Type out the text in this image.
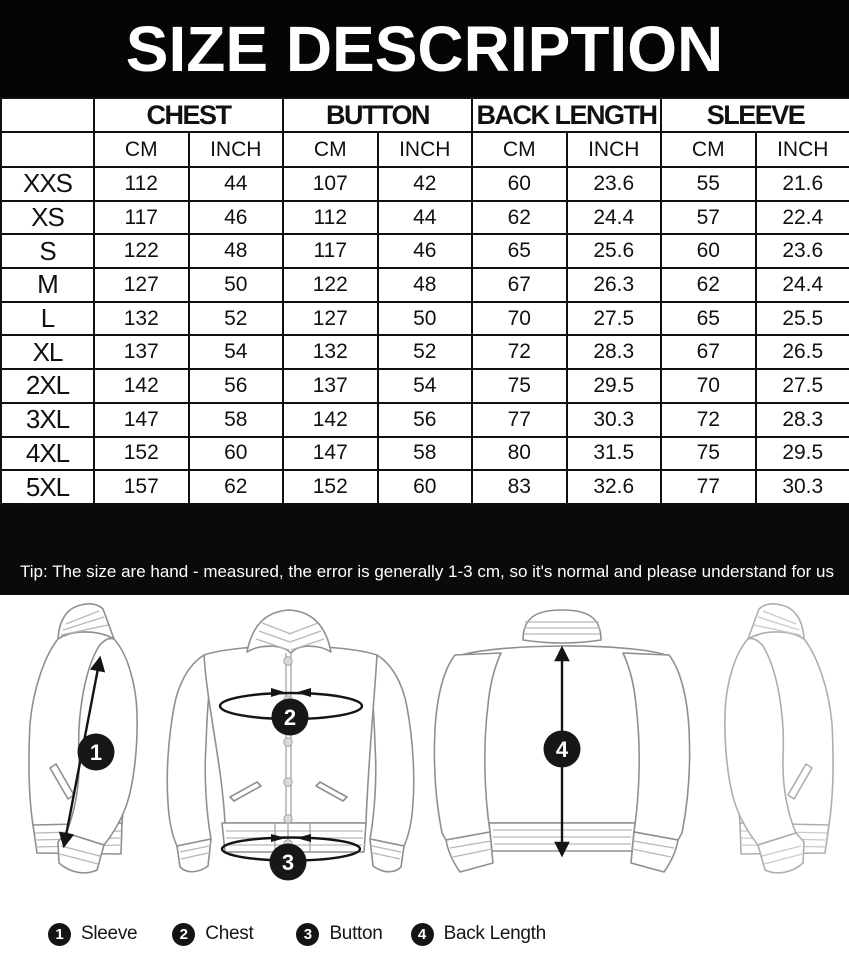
SIZE DESCRIPTION
	CHEST		BUTTON		BACK LENGTH		SLEEVE	
	CM	INCH	CM	INCH	CM	INCH	CM	INCH
XXS	112	44	107	42	60	23.6	55	21.6
XS	117	46	112	44	62	24.4	57	22.4
S	122	48	117	46	65	25.6	60	23.6
M	127	50	122	48	67	26.3	62	24.4
L	132	52	127	50	70	27.5	65	25.5
XL	137	54	132	52	72	28.3	67	26.5
2XL	142	56	137	54	75	29.5	70	27.5
3XL	147	58	142	56	77	30.3	72	28.3
4XL	152	60	147	58	80	31.5	75	29.5
5XL	157	62	152	60	83	32.6	77	30.3

Tip: The size are hand - measured, the error is generally 1-3 cm, so it's normal and please understand for us

1
2
3
4
1 Sleeve	2 Chest	3 Button	4 Back Length
